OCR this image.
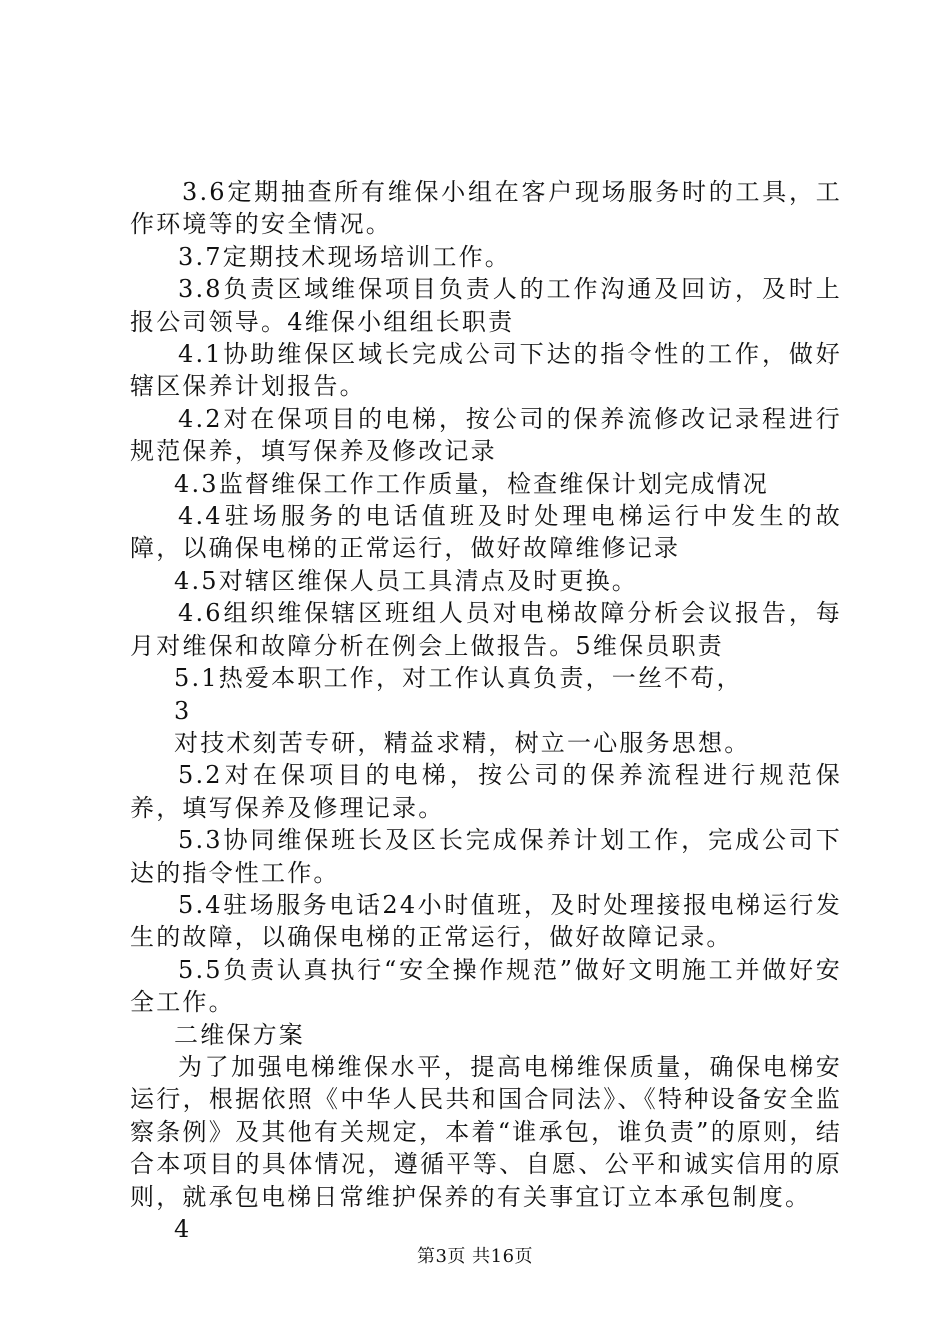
3.6定期抽查所有维保小组在客户现场服务时的工具，工作环境等的安全情况。

3.7定期技术现场培训工作。

3.8负责区域维保项目负责人的工作沟通及回访，及时上报公司领导。4维保小组组长职责

4.1协助维保区域长完成公司下达的指令性的工作，做好辖区保养计划报告。

4.2对在保项目的电梯，按公司的保养流修改记录程进行规范保养，填写保养及修改记录

4.3监督维保工作工作质量，检查维保计划完成情况

4.4驻场服务的电话值班及时处理电梯运行中发生的故障，以确保电梯的正常运行，做好故障维修记录

4.5对辖区维保人员工具清点及时更换。

4.6组织维保辖区班组人员对电梯故障分析会议报告，每月对维保和故障分析在例会上做报告。5维保员职责

5.1热爱本职工作，对工作认真负责，一丝不苟，

3

对技术刻苦专研，精益求精，树立一心服务思想。

5.2对在保项目的电梯，按公司的保养流程进行规范保养，填写保养及修理记录。

5.3协同维保班长及区长完成保养计划工作，完成公司下达的指令性工作。

5.4驻场服务电话24小时值班，及时处理接报电梯运行发生的故障，以确保电梯的正常运行，做好故障记录。

5.5负责认真执行“安全操作规范”做好文明施工并做好安全工作。

二维保方案

为了加强电梯维保水平，提高电梯维保质量，确保电梯安运行，根据依照《中华人民共和国合同法》、《特种设备安全监察条例》及其他有关规定，本着“谁承包，谁负责”的原则，结合本项目的具体情况，遵循平等、自愿、公平和诚实信用的原则，就承包电梯日常维护保养的有关事宜订立本承包制度。

4

第3页 共16页
